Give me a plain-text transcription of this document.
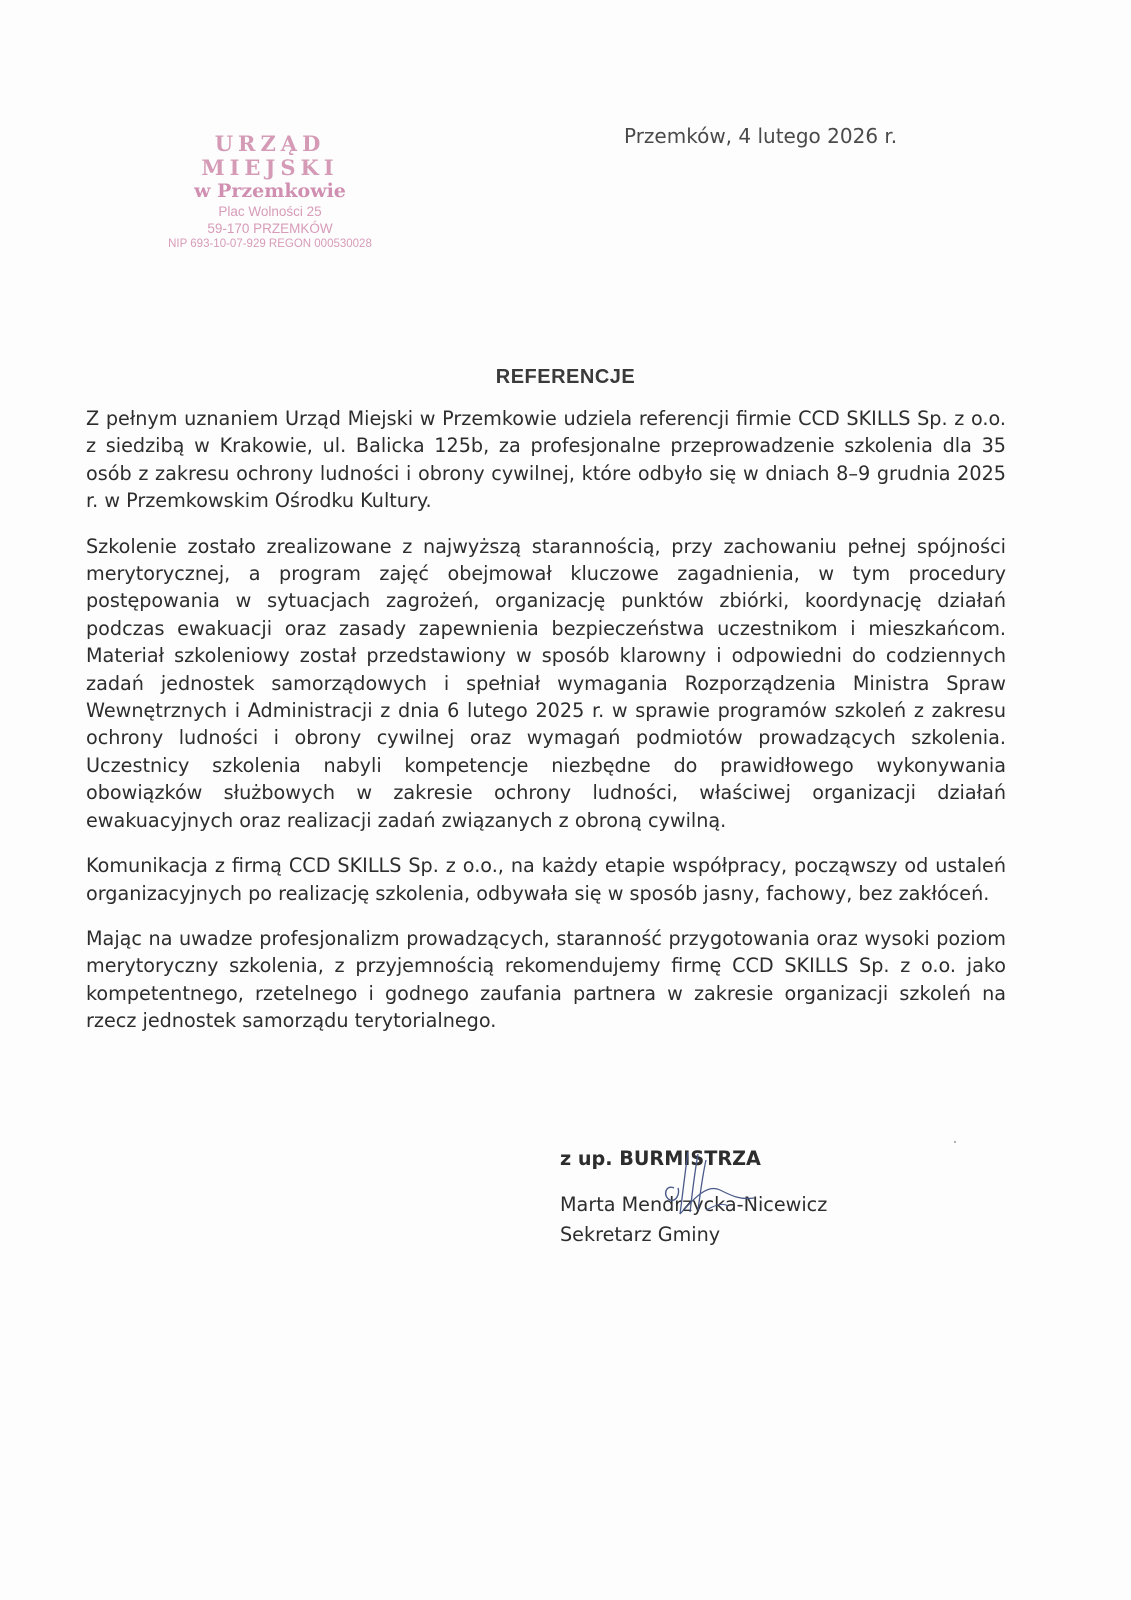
URZĄD MIEJSKI
w Przemkowie
Plac Wolności 25
59-170 PRZEMKÓW
NIP 693-10-07-929 REGON 000530028
Przemków, 4 lutego 2026 r.
REFERENCJE

Z pełnym uznaniem Urząd Miejski w Przemkowie udziela referencji firmie CCD SKILLS Sp. z o.o. z siedzibą w Krakowie, ul. Balicka 125b, za profesjonalne przeprowadzenie szkolenia dla 35 osób z zakresu ochrony ludności i obrony cywilnej, które odbyło się w dniach 8–9 grudnia 2025 r. w Przemkowskim Ośrodku Kultury.

Szkolenie zostało zrealizowane z najwyższą starannością, przy zachowaniu pełnej spójności merytorycznej, a program zajęć obejmował kluczowe zagadnienia, w tym procedury postępowania w sytuacjach zagrożeń, organizację punktów zbiórki, koordynację działań podczas ewakuacji oraz zasady zapewnienia bezpieczeństwa uczestnikom i mieszkańcom. Materiał szkoleniowy został przedstawiony w sposób klarowny i odpowiedni do codziennych zadań jednostek samorządowych i spełniał wymagania Rozporządzenia Ministra Spraw Wewnętrznych i Administracji z dnia 6 lutego 2025 r. w sprawie programów szkoleń z zakresu ochrony ludności i obrony cywilnej oraz wymagań podmiotów prowadzących szkolenia. Uczestnicy szkolenia nabyli kompetencje niezbędne do prawidłowego wykonywania obowiązków służbowych w zakresie ochrony ludności, właściwej organizacji działań ewakuacyjnych oraz realizacji zadań związanych z obroną cywilną.

Komunikacja z firmą CCD SKILLS Sp. z o.o., na każdy etapie współpracy, począwszy od ustaleń organizacyjnych po realizację szkolenia, odbywała się w sposób jasny, fachowy, bez zakłóceń.

Mając na uwadze profesjonalizm prowadzących, staranność przygotowania oraz wysoki poziom merytoryczny szkolenia, z przyjemnością rekomendujemy firmę CCD SKILLS Sp. z o.o. jako kompetentnego, rzetelnego i godnego zaufania partnera w zakresie organizacji szkoleń na rzecz jednostek samorządu terytorialnego.

z up. BURMISTRZA
Marta Mendrzycka-Nicewicz
Sekretarz Gminy
